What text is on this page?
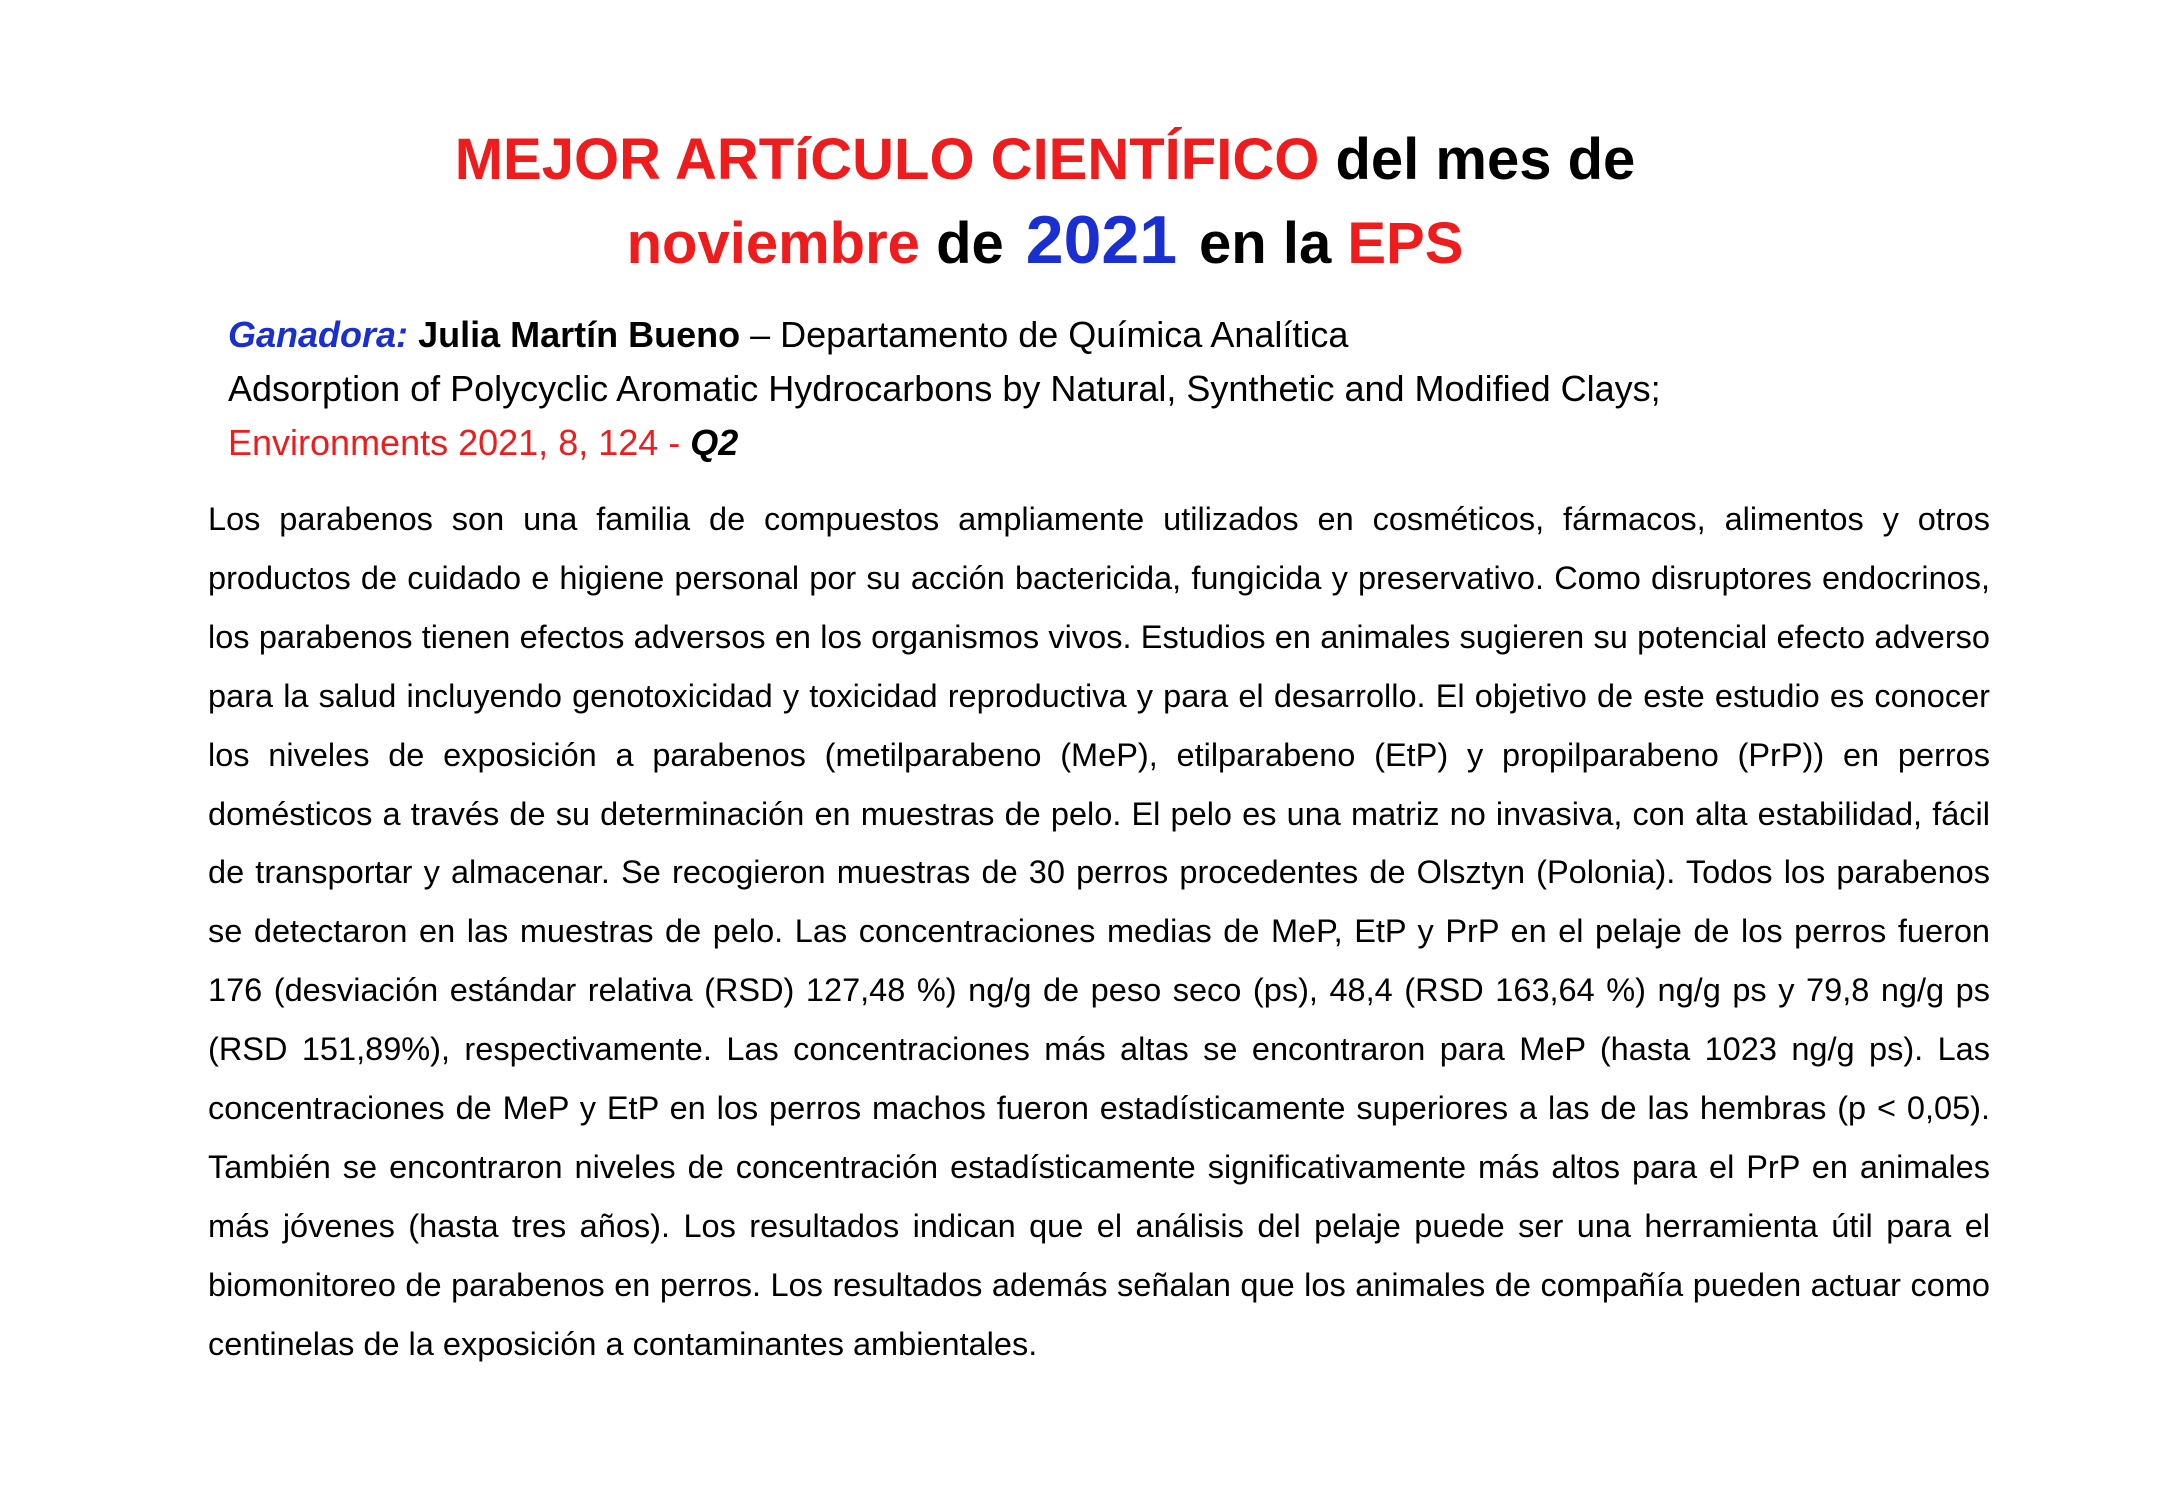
MEJOR ARTíCULO CIENTÍFICO del mes de
noviembre de 2021 en la EPS
Ganadora: Julia Martín Bueno – Departamento de Química Analítica
Adsorption of Polycyclic Aromatic Hydrocarbons by Natural, Synthetic and Modified Clays;
Environments 2021, 8, 124 - Q2

Los parabenos son una familia de compuestos ampliamente utilizados en cosméticos, fármacos, alimentos y otros productos de cuidado e higiene personal por su acción bactericida, fungicida y preservativo. Como disruptores endocrinos, los parabenos tienen efectos adversos en los organismos vivos. Estudios en animales sugieren su potencial efecto adverso para la salud incluyendo genotoxicidad y toxicidad reproductiva y para el desarrollo. El objetivo de este estudio es conocer los niveles de exposición a parabenos (metilparabeno (MeP), etilparabeno (EtP) y propilparabeno (PrP)) en perros domésticos a través de su determinación en muestras de pelo. El pelo es una matriz no invasiva, con alta estabilidad, fácil de transportar y almacenar. Se recogieron muestras de 30 perros procedentes de Olsztyn (Polonia). Todos los parabenos se detectaron en las muestras de pelo. Las concentraciones medias de MeP, EtP y PrP en el pelaje de los perros fueron 176 (desviación estándar relativa (RSD) 127,48 %) ng/g de peso seco (ps), 48,4 (RSD 163,64 %) ng/g ps y 79,8 ng/g ps (RSD 151,89%), respectivamente. Las concentraciones más altas se encontraron para MeP (hasta 1023 ng/g ps). Las concentraciones de MeP y EtP en los perros machos fueron estadísticamente superiores a las de las hembras (p < 0,05). También se encontraron niveles de concentración estadísticamente significativamente más altos para el PrP en animales más jóvenes (hasta tres años). Los resultados indican que el análisis del pelaje puede ser una herramienta útil para el biomonitoreo de parabenos en perros. Los resultados además señalan que los animales de compañía pueden actuar como centinelas de la exposición a contaminantes ambientales.
